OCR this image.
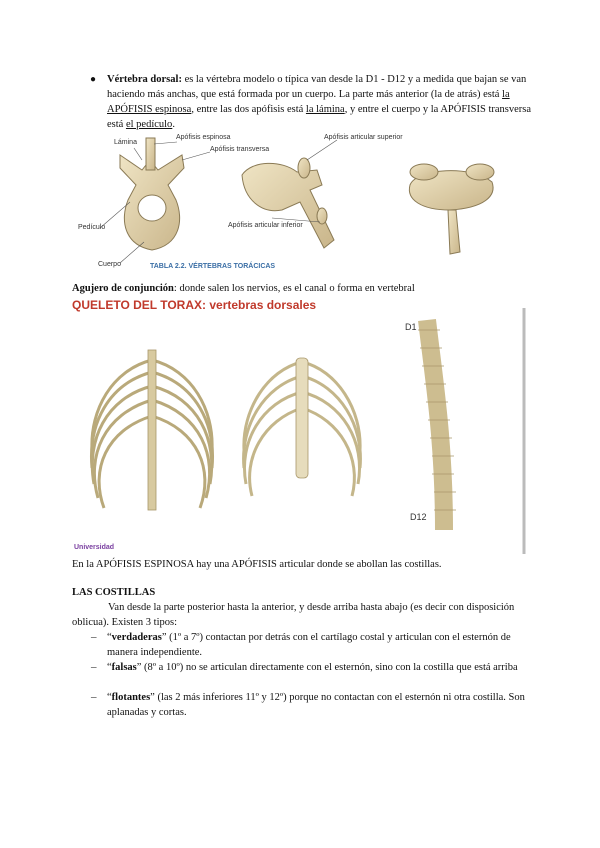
● Vértebra dorsal: es la vértebra modelo o típica van desde la D1 - D12 y a medida que bajan se van haciendo más anchas, que está formada por un cuerpo. La parte más anterior (la de atrás) está la APÓFISIS espinosa, entre las dos apófisis está la lámina, y entre el cuerpo y la APÓFISIS transversa está el pedículo.
Lámina
Apófisis espinosa
Apófisis transversa
Pedículo
Cuerpo
Apófisis articular superior
Apófisis articular inferior
TABLA 2.2. VÉRTEBRAS TORÁCICAS
Agujero de conjunción: donde salen los nervios, es el canal o forma en vertebral
QUELETO DEL TORAX: vertebras dorsales
D1
D12
Universidad
En la APÓFISIS ESPINOSA hay una APÓFISIS articular donde se abollan las costillas.
LAS COSTILLAS
Van desde la parte posterior hasta la anterior, y desde arriba hasta abajo (es decir con disposición oblicua). Existen 3 tipos:
– “verdaderas” (1º a 7º) contactan por detrás con el cartílago costal y articulan con el esternón de manera independiente.
– “falsas” (8º a 10º) no se articulan directamente con el esternón, sino con la costilla que está arriba
– “flotantes” (las 2 más inferiores 11º y 12º) porque no contactan con el esternón ni otra costilla. Son aplanadas y cortas.
